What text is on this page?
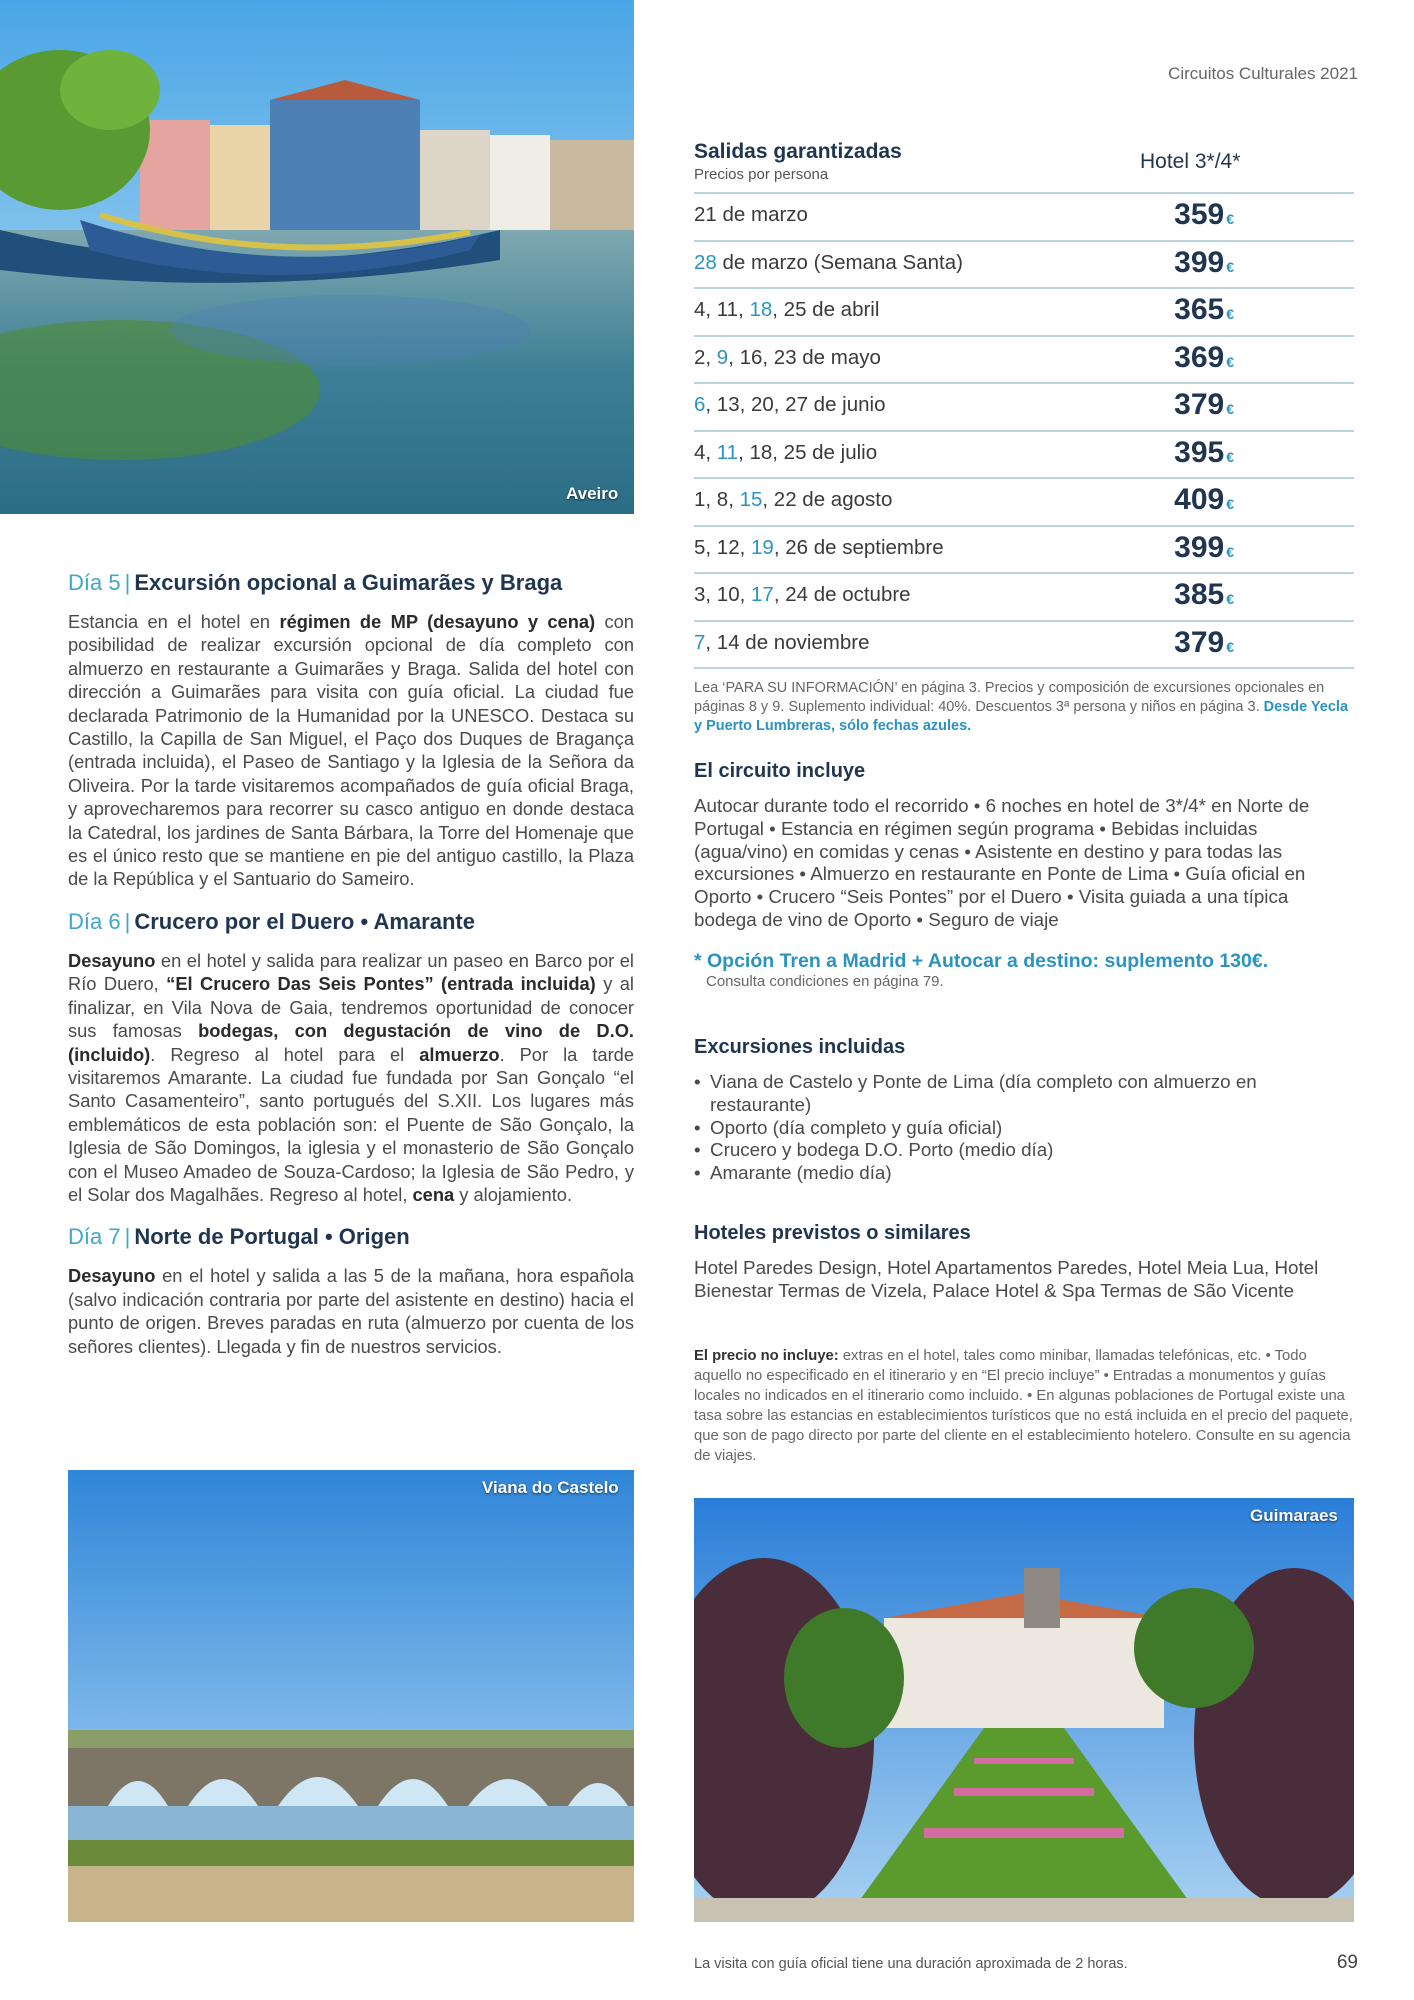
Circuitos Culturales 2021
Aveiro
Día 5 | Excursión opcional a Guimarães y Braga

Estancia en el hotel en régimen de MP (desayuno y cena) con posibilidad de realizar excursión opcional de día completo con almuerzo en restaurante a Guimarães y Braga. Salida del hotel con dirección a Guimarães para visita con guía oficial. La ciudad fue declarada Patrimonio de la Humanidad por la UNESCO. Destaca su Castillo, la Capilla de San Miguel, el Paço dos Duques de Bragança (entrada incluida), el Paseo de Santiago y la Iglesia de la Señora da Oliveira. Por la tarde visitaremos acompañados de guía oficial Braga, y aprovecharemos para recorrer su casco antiguo en donde destaca la Catedral, los jardines de Santa Bárbara, la Torre del Homenaje que es el único resto que se mantiene en pie del antiguo castillo, la Plaza de la República y el Santuario do Sameiro.

Día 6 | Crucero por el Duero • Amarante

Desayuno en el hotel y salida para realizar un paseo en Barco por el Río Duero, “El Crucero Das Seis Pontes” (entrada incluida) y al finalizar, en Vila Nova de Gaia, tendremos oportunidad de conocer sus famosas bodegas, con degustación de vino de D.O. (incluido). Regreso al hotel para el almuerzo. Por la tarde visitaremos Amarante. La ciudad fue fundada por San Gonçalo “el Santo Casamenteiro”, santo portugués del S.XII. Los lugares más emblemáticos de esta población son: el Puente de São Gonçalo, la Iglesia de São Domingos, la iglesia y el monasterio de São Gonçalo con el Museo Amadeo de Souza-Cardoso; la Iglesia de São Pedro, y el Solar dos Magalhães. Regreso al hotel, cena y alojamiento.

Día 7 | Norte de Portugal • Origen

Desayuno en el hotel y salida a las 5 de la mañana, hora española (salvo indicación contraria por parte del asistente en destino) hacia el punto de origen. Breves paradas en ruta (almuerzo por cuenta de los señores clientes). Llegada y fin de nuestros servicios.

Viana do Castelo
Salidas garantizadas
Precios por persona
Hotel 3*/4*
21 de marzo	359 €
28 de marzo (Semana Santa)	399 €
4, 11, 18, 25 de abril	365 €
2, 9, 16, 23 de mayo	369 €
6, 13, 20, 27 de junio	379 €
4, 11, 18, 25 de julio	395 €
1, 8, 15, 22 de agosto	409 €
5, 12, 19, 26 de septiembre	399 €
3, 10, 17, 24 de octubre	385 €
7, 14 de noviembre	379 €
Lea ‘PARA SU INFORMACIÓN’ en página 3. Precios y composición de excursiones opcionales en páginas 8 y 9. Suplemento individual: 40%. Descuentos 3ª persona y niños en página 3. Desde Yecla y Puerto Lumbreras, sólo fechas azules.
El circuito incluye

Autocar durante todo el recorrido • 6 noches en hotel de 3*/4* en Norte de Portugal • Estancia en régimen según programa • Bebidas incluidas (agua/vino) en comidas y cenas • Asistente en destino y para todas las excursiones • Almuerzo en restaurante en Ponte de Lima • Guía oficial en Oporto • Crucero “Seis Pontes” por el Duero • Visita guiada a una típica bodega de vino de Oporto • Seguro de viaje

* Opción Tren a Madrid + Autocar a destino: suplemento 130€.
Consulta condiciones en página 79.
Excursiones incluidas
• Viana de Castelo y Ponte de Lima (día completo con almuerzo en restaurante)
• Oporto (día completo y guía oficial)
• Crucero y bodega D.O. Porto (medio día)
• Amarante (medio día)
Hoteles previstos o similares

Hotel Paredes Design, Hotel Apartamentos Paredes, Hotel Meia Lua, Hotel Bienestar Termas de Vizela, Palace Hotel & Spa Termas de São Vicente

El precio no incluye: extras en el hotel, tales como minibar, llamadas telefónicas, etc. • Todo aquello no especificado en el itinerario y en “El precio incluye” • Entradas a monumentos y guías locales no indicados en el itinerario como incluido. • En algunas poblaciones de Portugal existe una tasa sobre las estancias en establecimientos turísticos que no está incluida en el precio del paquete, que son de pago directo por parte del cliente en el establecimiento hotelero. Consulte en su agencia de viajes.
Guimaraes
La visita con guía oficial tiene una duración aproximada de 2 horas.	69
